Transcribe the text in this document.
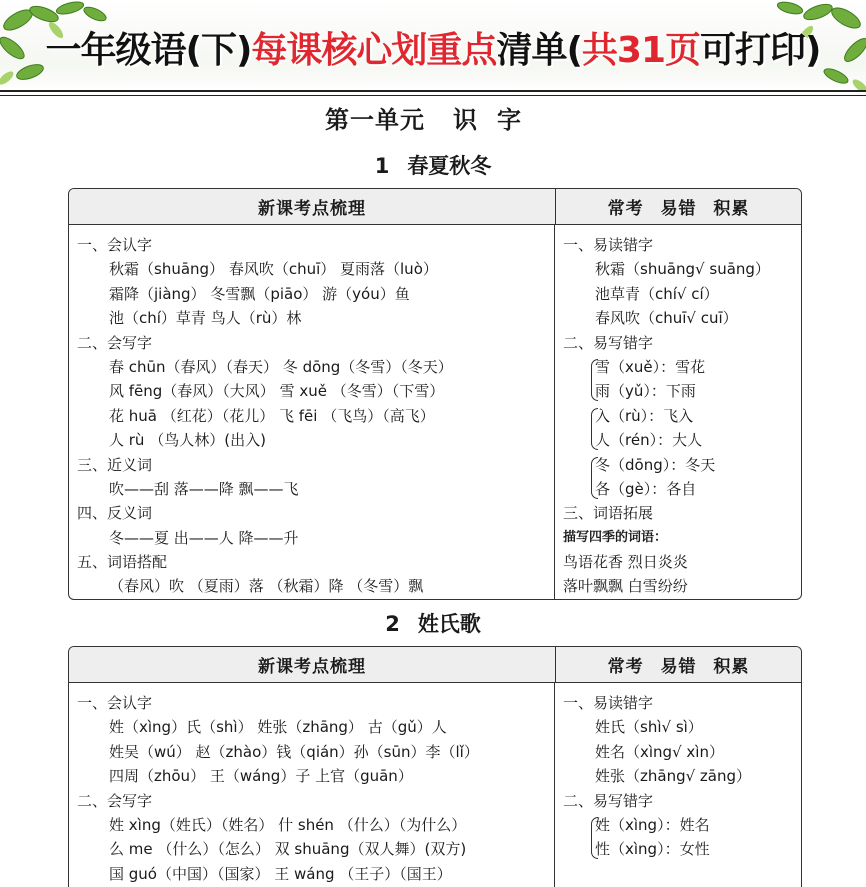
一年级语(下)每课核心划重点清单(共31页可打印)
第一单元 识字
1 春夏秋冬
新课考点梳理	常考 易错 积累
一、会认字
秋霜（shuāng） 春风吹（chuī） 夏雨落（luò）
霜降（jiàng） 冬雪飘（piāo） 游（yóu）鱼
池（chí）草青 鸟人（rù）林
二、会写字
春 chūn（春风）（春天） 冬 dōng（冬雪）（冬天）
风 fēng（春风）（大风） 雪 xuě （冬雪）（下雪）
花 huā （红花）（花儿） 飞 fēi （飞鸟）（高飞）
人 rù （鸟人林）(出入)
三、近义词
吹——刮 落——降 飘——飞
四、反义词
冬——夏 出——人 降——升
五、词语搭配
（春风）吹 （夏雨）落 （秋霜）降 （冬雪）飘
一、易读错字
秋霜（shuāng√ suāng）
池草青（chí√ cí）
春风吹（chuī√ cuī）
二、易写错字
雪（xuě）：雪花
雨（yǔ）：下雨
入（rù）：飞入
人（rén）：大人
冬（dōng）：冬天
各（gè）：各自
三、词语拓展
描写四季的词语：
鸟语花香 烈日炎炎
落叶飘飘 白雪纷纷
2 姓氏歌
新课考点梳理	常考 易错 积累
一、会认字
姓（xìng）氏（shì） 姓张（zhāng） 古（gǔ）人
姓吴（wú） 赵（zhào）钱（qián）孙（sūn）李（lǐ）
四周（zhōu） 王（wáng）子 上官（guān）
二、会写字
姓 xìng（姓氏）（姓名） 什 shén （什么）（为什么）
么 me （什么）（怎么） 双 shuāng（双人舞）(双方)
国 guó（中国）（国家） 王 wáng （王子）（国王）
一、易读错字
姓氏（shì√ sì）
姓名（xìng√ xìn）
姓张（zhāng√ zāng）
二、易写错字
姓（xìng）：姓名
性（xìng）：女性
